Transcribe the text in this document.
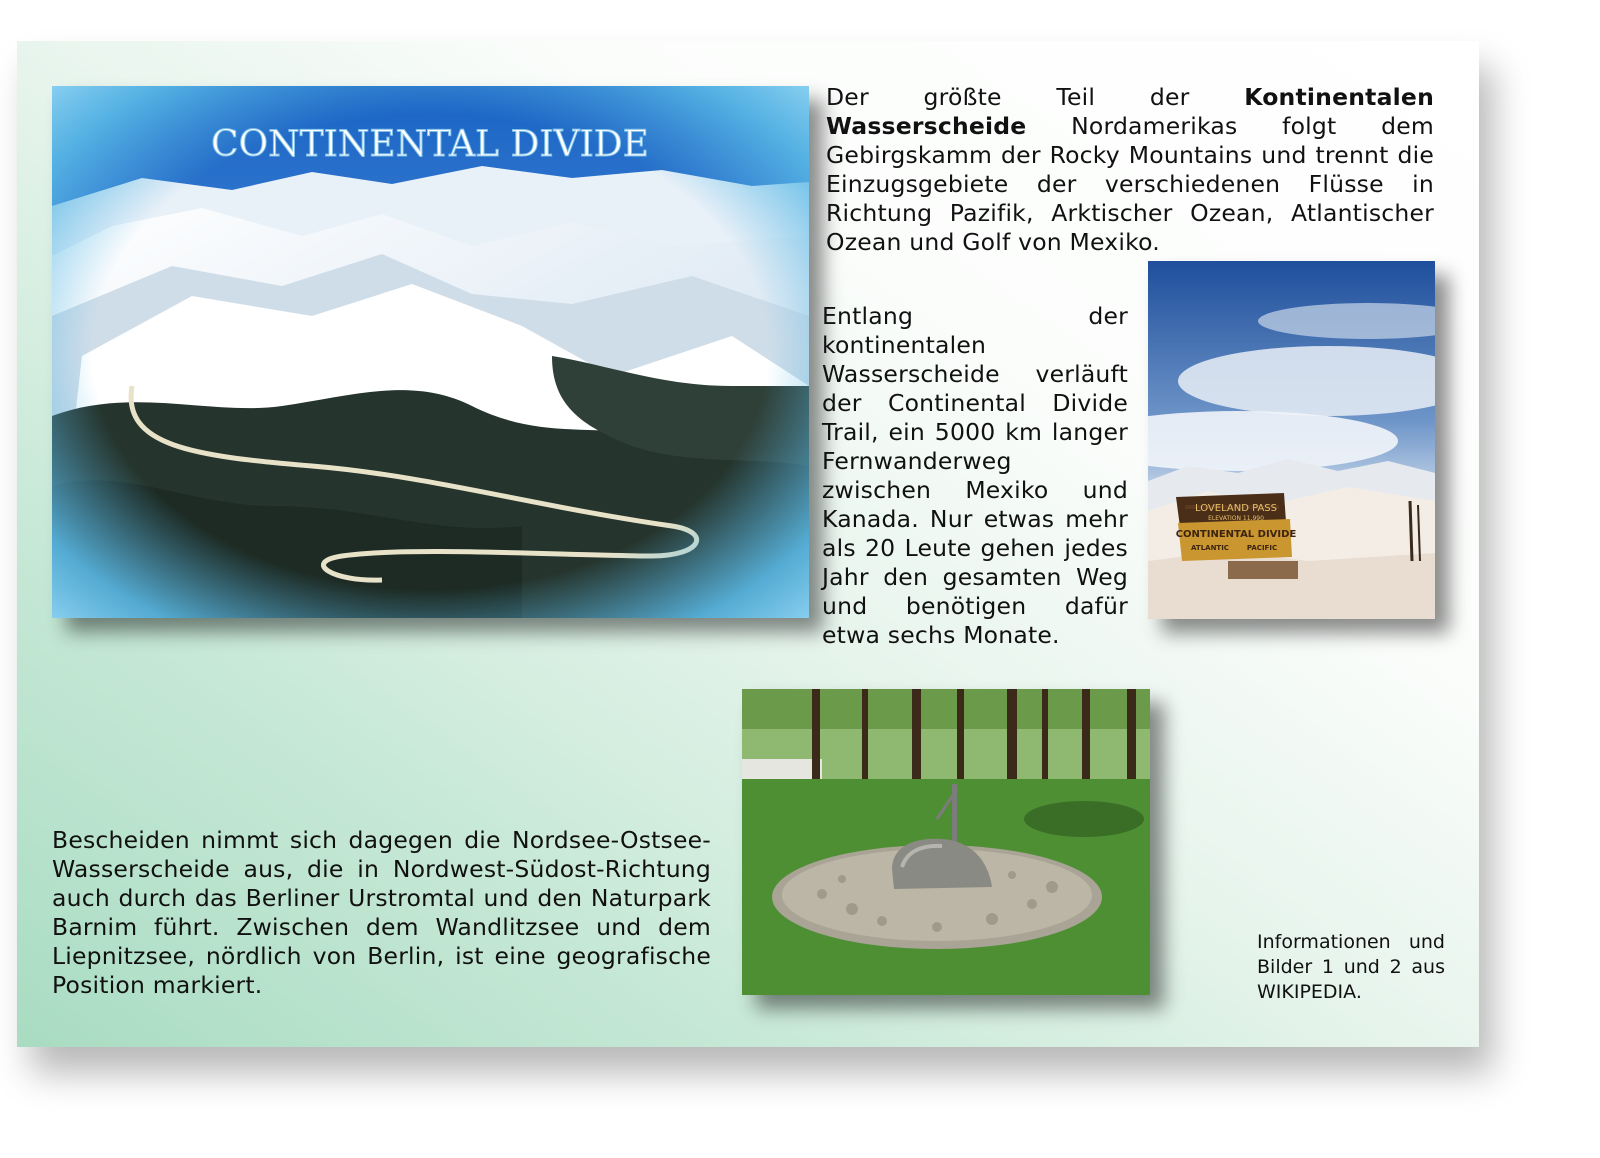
CONTINENTAL DIVIDE
Der größte Teil der Kontinentalen Wasserscheide Nordamerikas folgt dem Gebirgskamm der Rocky Mountains und trennt die Einzugsgebiete der verschiedenen Flüsse in Richtung Pazifik, Arktischer Ozean, Atlantischer Ozean und Golf von Mexiko.
Entlang der kontinentalen Wasserscheide verläuft der Continental Divide Trail, ein 5000 km langer Fernwanderweg zwischen Mexiko und Kanada. Nur etwas mehr als 20 Leute gehen jedes Jahr den gesamten Weg und benötigen dafür etwa sechs Monate.
LOVELAND PASS
ELEVATION 11,990
CONTINENTAL DIVIDE
ATLANTIC	PACIFIC
Bescheiden nimmt sich dagegen die Nordsee-Ostsee-Wasserscheide aus, die in Nordwest-Südost-Richtung auch durch das Berliner Urstromtal und den Naturpark Barnim führt. Zwischen dem Wandlitzsee und dem Liepnitzsee, nördlich von Berlin, ist eine geografische Position markiert.
Informationen und Bilder 1 und 2 aus WIKIPEDIA.
